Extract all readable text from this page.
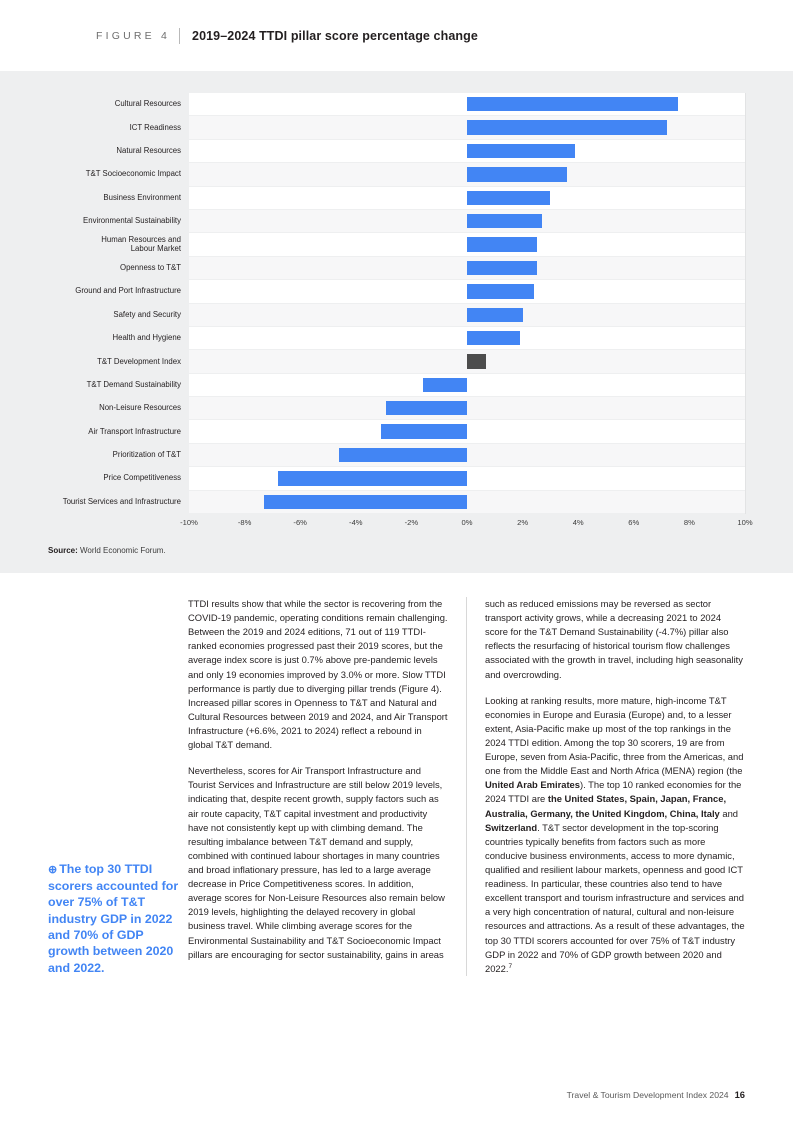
FIGURE 4 2019–2024 TTDI pillar score percentage change
Cultural Resources
ICT Readiness
Natural Resources
T&T Socioeconomic Impact
Business Environment
Environmental Sustainability
Human Resources and
Labour Market
Openness to T&T
Ground and Port Infrastructure
Safety and Security
Health and Hygiene
T&T Development Index
T&T Demand Sustainability
Non-Leisure Resources
Air Transport Infrastructure
Prioritization of T&T
Price Competitiveness
Tourist Services and Infrastructure
-10%	-8%	-6%	-4%	-2%	0%	2%	4%	6%	8%	10%
Source: World Economic Forum.
⊕ The top 30 TTDI scorers accounted for over 75% of T&T industry GDP in 2022 and 70% of GDP growth between 2020 and 2022.

TTDI results show that while the sector is recovering from the COVID-19 pandemic, operating conditions remain challenging. Between the 2019 and 2024 editions, 71 out of 119 TTDI-ranked economies progressed past their 2019 scores, but the average index score is just 0.7% above pre-pandemic levels and only 19 economies improved by 3.0% or more. Slow TTDI performance is partly due to diverging pillar trends (Figure 4). Increased pillar scores in Openness to T&T and Natural and Cultural Resources between 2019 and 2024, and Air Transport Infrastructure (+6.6%, 2021 to 2024) reflect a rebound in global T&T demand.

Nevertheless, scores for Air Transport Infrastructure and Tourist Services and Infrastructure are still below 2019 levels, indicating that, despite recent growth, supply factors such as air route capacity, T&T capital investment and productivity have not consistently kept up with climbing demand. The resulting imbalance between T&T demand and supply, combined with continued labour shortages in many countries and broad inflationary pressure, has led to a large average decrease in Price Competitiveness scores. In addition, average scores for Non-Leisure Resources also remain below 2019 levels, highlighting the delayed recovery in global business travel. While climbing average scores for the Environmental Sustainability and T&T Socioeconomic Impact pillars are encouraging for sector sustainability, gains in areas

such as reduced emissions may be reversed as sector transport activity grows, while a decreasing 2021 to 2024 score for the T&T Demand Sustainability (-4.7%) pillar also reflects the resurfacing of historical tourism flow challenges associated with the growth in travel, including high seasonality and overcrowding.

Looking at ranking results, more mature, high-income T&T economies in Europe and Eurasia (Europe) and, to a lesser extent, Asia-Pacific make up most of the top rankings in the 2024 TTDI edition. Among the top 30 scorers, 19 are from Europe, seven from Asia-Pacific, three from the Americas, and one from the Middle East and North Africa (MENA) region (the United Arab Emirates). The top 10 ranked economies for the 2024 TTDI are the United States, Spain, Japan, France, Australia, Germany, the United Kingdom, China, Italy and Switzerland. T&T sector development in the top-scoring countries typically benefits from factors such as more conducive business environments, access to more dynamic, qualified and resilient labour markets, openness and good ICT readiness. In particular, these countries also tend to have excellent transport and tourism infrastructure and services and a very high concentration of natural, cultural and non-leisure resources and attractions. As a result of these advantages, the top 30 TTDI scorers accounted for over 75% of T&T industry GDP in 2022 and 70% of GDP growth between 2020 and 2022.$^7$

Travel & Tourism Development Index 2024 16
